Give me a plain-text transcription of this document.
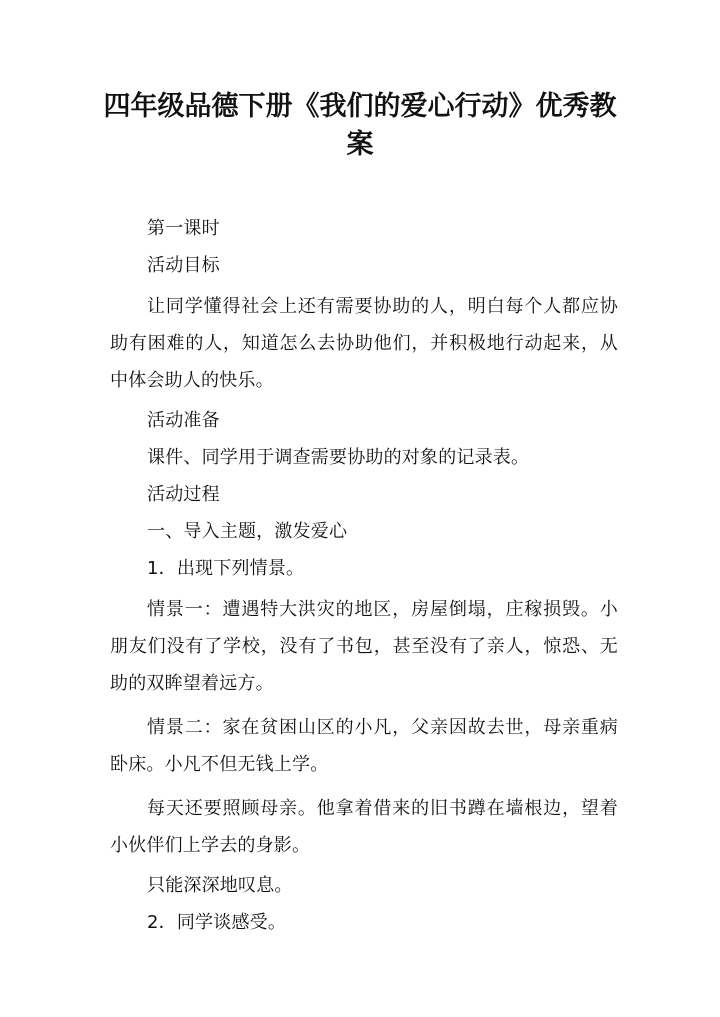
四年级品德下册《我们的爱心行动》优秀教案

第一课时

活动目标

让同学懂得社会上还有需要协助的人，明白每个人都应协助有困难的人，知道怎么去协助他们，并积极地行动起来，从中体会助人的快乐。

活动准备

课件、同学用于调查需要协助的对象的记录表。

活动过程

一、导入主题，激发爱心

1．出现下列情景。

情景一：遭遇特大洪灾的地区，房屋倒塌，庄稼损毁。小朋友们没有了学校，没有了书包，甚至没有了亲人，惊恐、无助的双眸望着远方。

情景二：家在贫困山区的小凡，父亲因故去世，母亲重病卧床。小凡不但无钱上学。

每天还要照顾母亲。他拿着借来的旧书蹲在墙根边，望着小伙伴们上学去的身影。

只能深深地叹息。

2．同学谈感受。
